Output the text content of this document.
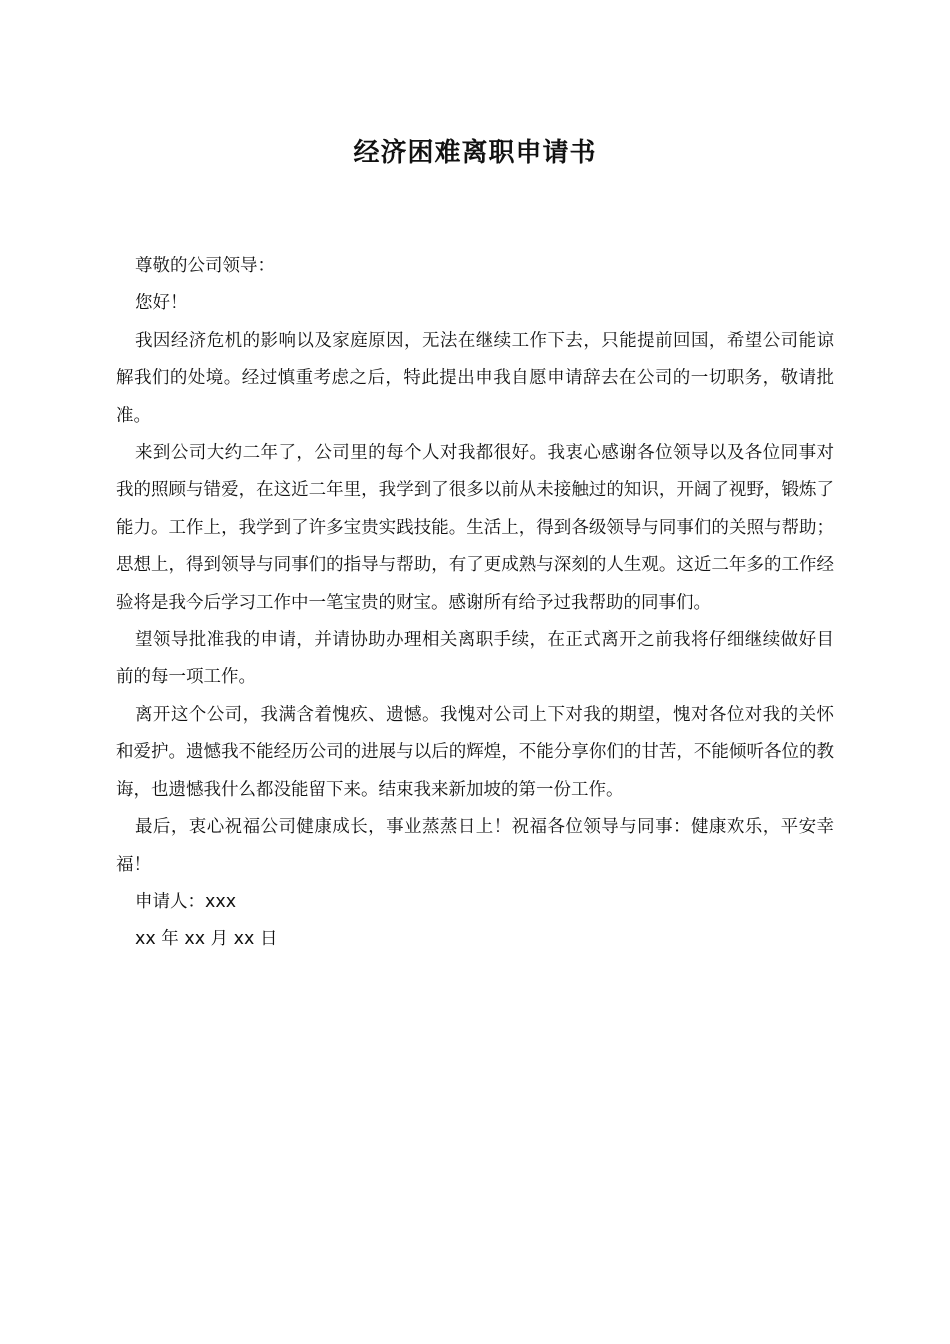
经济困难离职申请书

尊敬的公司领导：

您好！

我因经济危机的影响以及家庭原因，无法在继续工作下去，只能提前回国，希望公司能谅解我们的处境。经过慎重考虑之后，特此提出申我自愿申请辞去在公司的一切职务，敬请批准。

来到公司大约二年了，公司里的每个人对我都很好。我衷心感谢各位领导以及各位同事对我的照顾与错爱，在这近二年里，我学到了很多以前从未接触过的知识，开阔了视野，锻炼了能力。工作上，我学到了许多宝贵实践技能。生活上，得到各级领导与同事们的关照与帮助；思想上，得到领导与同事们的指导与帮助，有了更成熟与深刻的人生观。这近二年多的工作经验将是我今后学习工作中一笔宝贵的财宝。感谢所有给予过我帮助的同事们。

望领导批准我的申请，并请协助办理相关离职手续，在正式离开之前我将仔细继续做好目前的每一项工作。

离开这个公司，我满含着愧疚、遗憾。我愧对公司上下对我的期望，愧对各位对我的关怀和爱护。遗憾我不能经历公司的进展与以后的辉煌，不能分享你们的甘苦，不能倾听各位的教诲，也遗憾我什么都没能留下来。结束我来新加坡的第一份工作。

最后，衷心祝福公司健康成长，事业蒸蒸日上！祝福各位领导与同事：健康欢乐，平安幸福！

申请人：xxx

xx 年 xx 月 xx 日
